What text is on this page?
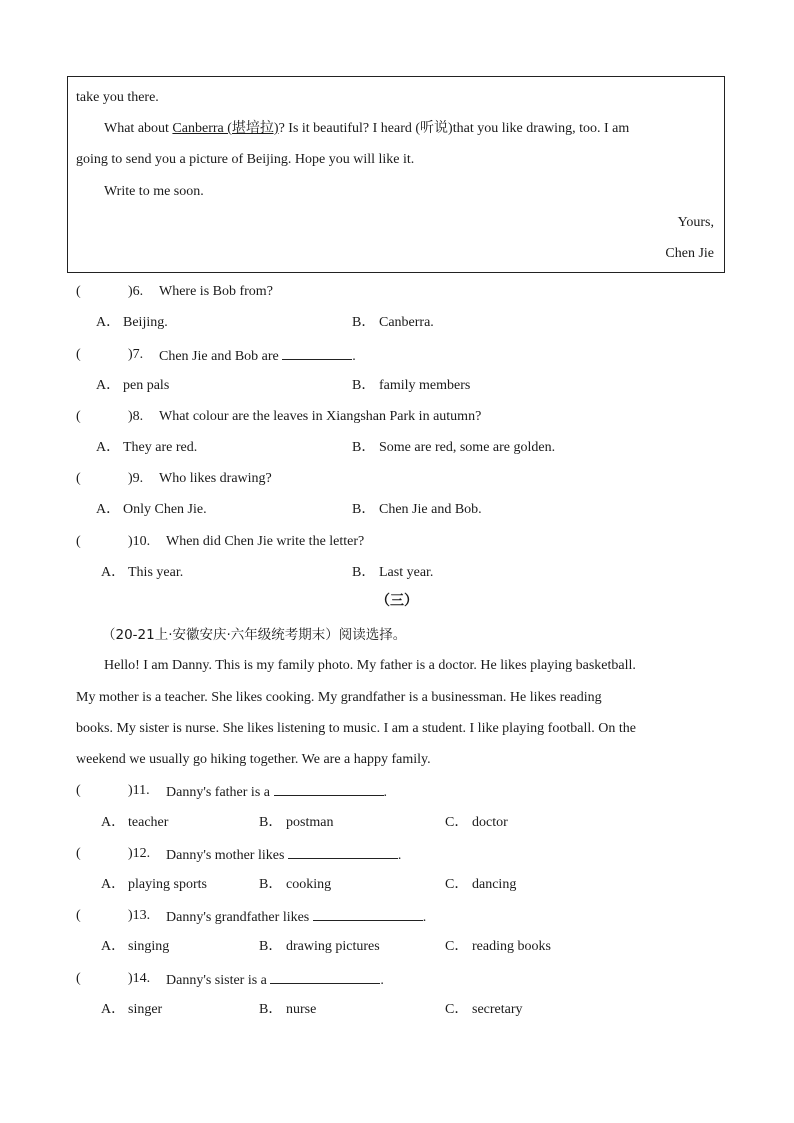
take you there.
What about Canberra (堪培拉)? Is it beautiful? I heard (听说)that you like drawing, too. I am
going to send you a picture of Beijing. Hope you will like it.
Write to me soon.
Yours,
Chen Jie
(	)6. Where is Bob from?
A． Beijing.	B． Canberra.
(	)7. Chen Jie and Bob are	.
A． pen pals	B． family members
(	)8. What colour are the leaves in Xiangshan Park in autumn?
A． They are red.	B． Some are red, some are golden.
(	)9. Who likes drawing?
A． Only Chen Jie.	B． Chen Jie and Bob.
(	)10. When did Chen Jie write the letter?
A． This year.	B． Last year.
（三）
（20-21上·安徽安庆·六年级统考期末）阅读选择。
Hello! I am Danny. This is my family photo. My father is a doctor. He likes playing basketball.
My mother is a teacher. She likes cooking. My grandfather is a businessman. He likes reading
books. My sister is nurse. She likes listening to music. I am a student. I like playing football. On the
weekend we usually go hiking together. We are a happy family.
(	)11. Danny's father is a	.
A． teacher	B． postman	C． doctor
(	)12. Danny's mother likes	.
A． playing sports	B． cooking	C． dancing
(	)13. Danny's grandfather likes	.
A． singing	B． drawing pictures	C． reading books
(	)14. Danny's sister is a	.
A． singer	B． nurse	C． secretary
